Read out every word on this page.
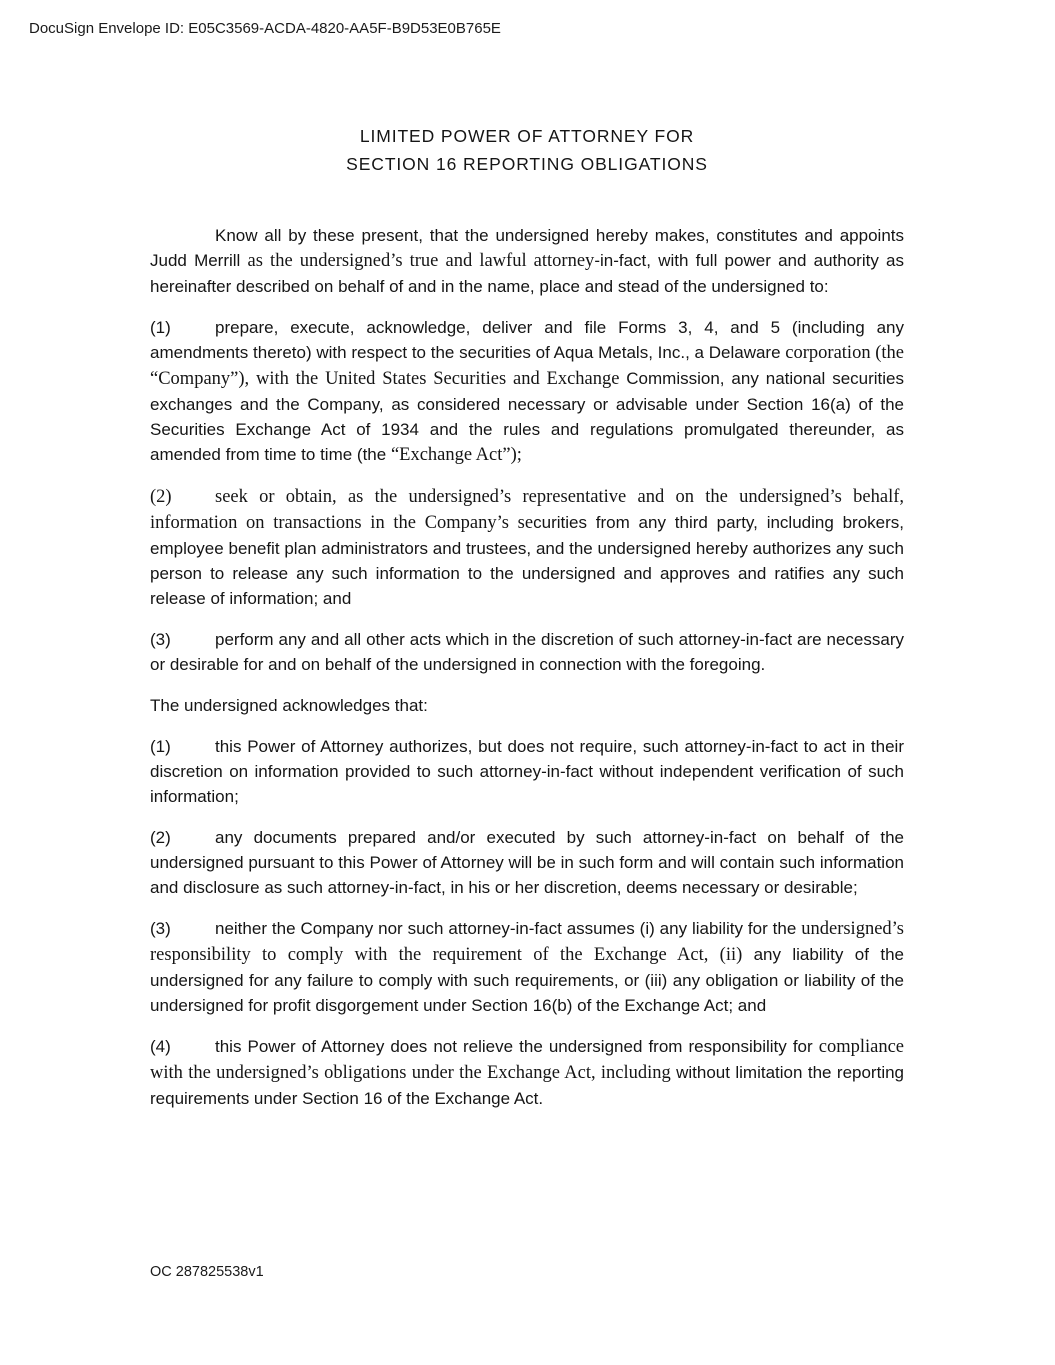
DocuSign Envelope ID: E05C3569-ACDA-4820-AA5F-B9D53E0B765E
LIMITED POWER OF ATTORNEY FOR
SECTION 16 REPORTING OBLIGATIONS

Know all by these present, that the undersigned hereby makes, constitutes and appoints Judd Merrill as the undersigned’s true and lawful attorney-in-fact, with full power and authority as hereinafter described on behalf of and in the name, place and stead of the undersigned to:

(1)	prepare, execute, acknowledge, deliver and file Forms 3, 4, and 5 (including any amendments thereto) with respect to the securities of Aqua Metals, Inc., a Delaware corporation (the “Company”), with the United States Securities and Exchange Commission, any national securities exchanges and the Company, as considered necessary or advisable under Section 16(a) of the Securities Exchange Act of 1934 and the rules and regulations promulgated thereunder, as amended from time to time (the “Exchange Act”);

(2) seek or obtain, as the undersigned’s representative and on the undersigned’s behalf, information on transactions in the Company’s securities from any third party, including brokers, employee benefit plan administrators and trustees, and the undersigned hereby authorizes any such person to release any such information to the undersigned and approves and ratifies any such release of information; and

(3)	perform any and all other acts which in the discretion of such attorney-in-fact are necessary or desirable for and on behalf of the undersigned in connection with the foregoing.

The undersigned acknowledges that:

(1)	this Power of Attorney authorizes, but does not require, such attorney-in-fact to act in their discretion on information provided to such attorney-in-fact without independent verification of such information;

(2)	any documents prepared and/or executed by such attorney-in-fact on behalf of the undersigned pursuant to this Power of Attorney will be in such form and will contain such information and disclosure as such attorney-in-fact, in his or her discretion, deems necessary or desirable;

(3)	neither the Company nor such attorney-in-fact assumes (i) any liability for the undersigned’s responsibility to comply with the requirement of the Exchange Act, (ii) any liability of the undersigned for any failure to comply with such requirements, or (iii) any obligation or liability of the undersigned for profit disgorgement under Section 16(b) of the Exchange Act; and

(4)	this Power of Attorney does not relieve the undersigned from responsibility for compliance with the undersigned’s obligations under the Exchange Act, including without limitation the reporting requirements under Section 16 of the Exchange Act.

OC 287825538v1
